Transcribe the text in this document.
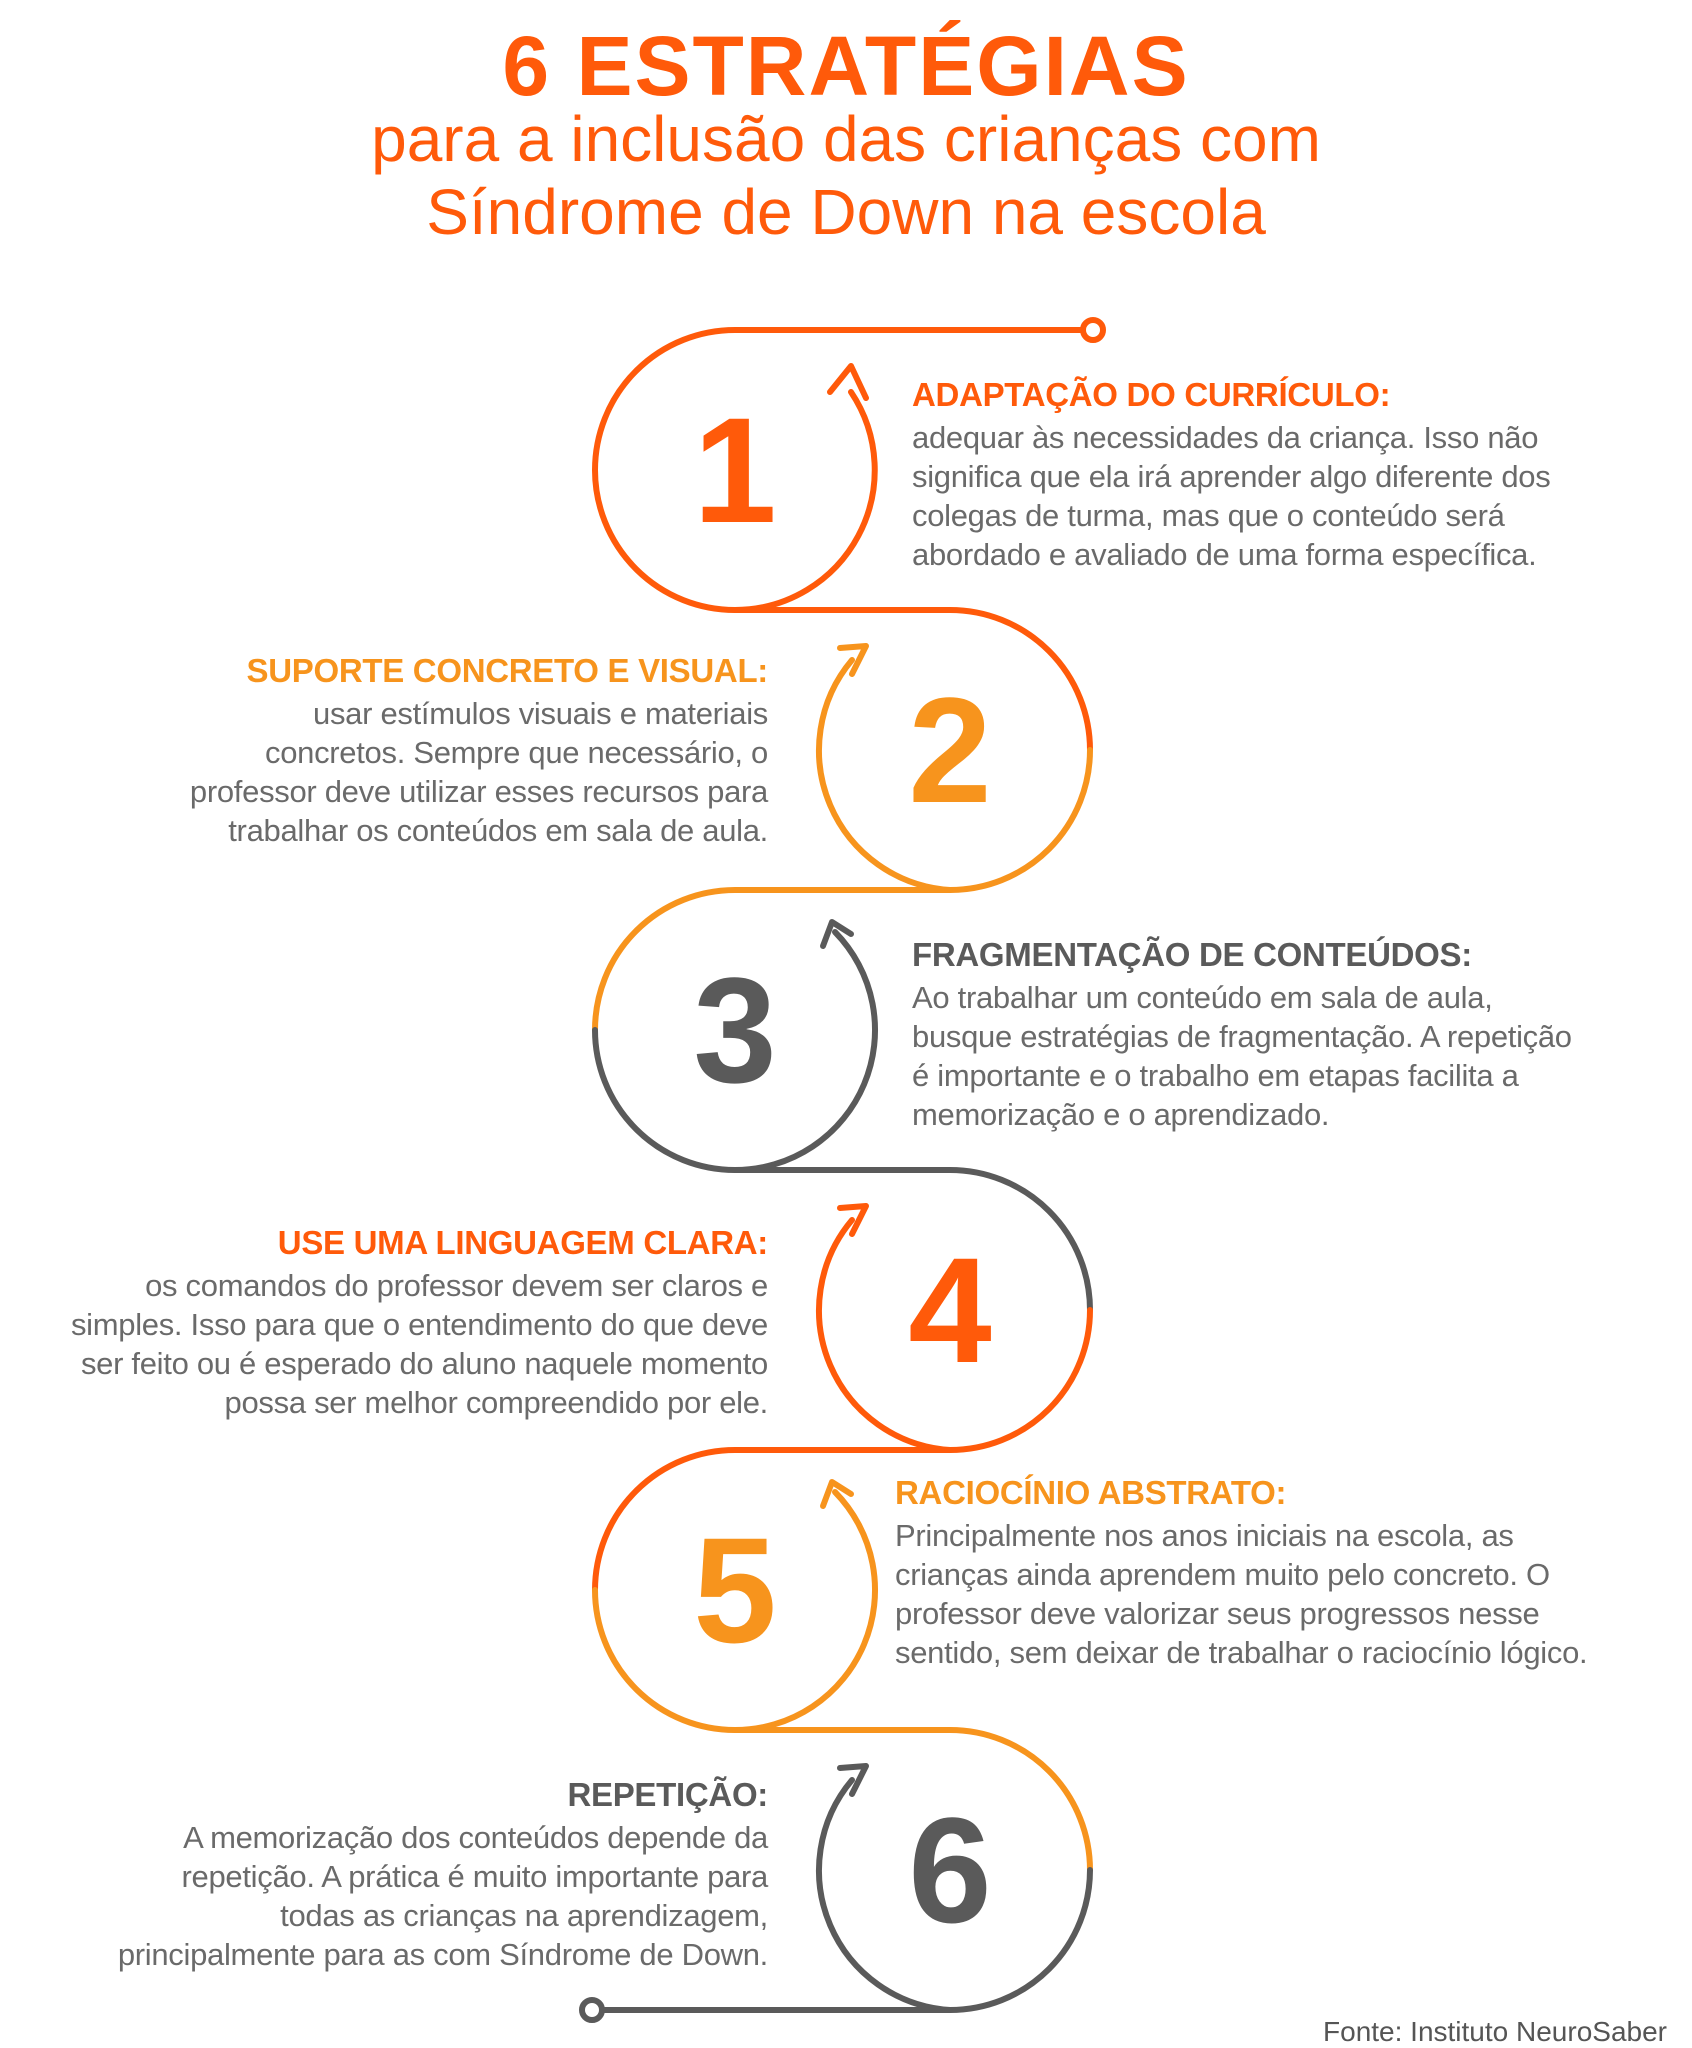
6 ESTRATÉGIAS
para a inclusão das crianças com
Síndrome de Down na escola
1
2
3
4
5
6
ADAPTAÇÃO DO CURRÍCULO:
adequar às necessidades da criança. Isso não
significa que ela irá aprender algo diferente dos
colegas de turma, mas que o conteúdo será
abordado e avaliado de uma forma específica.
SUPORTE CONCRETO E VISUAL:
usar estímulos visuais e materiais
concretos. Sempre que necessário, o
professor deve utilizar esses recursos para
trabalhar os conteúdos em sala de aula.
FRAGMENTAÇÃO DE CONTEÚDOS:
Ao trabalhar um conteúdo em sala de aula,
busque estratégias de fragmentação. A repetição
é importante e o trabalho em etapas facilita a
memorização e o aprendizado.
USE UMA LINGUAGEM CLARA:
os comandos do professor devem ser claros e
simples. Isso para que o entendimento do que deve
ser feito ou é esperado do aluno naquele momento
possa ser melhor compreendido por ele.
RACIOCÍNIO ABSTRATO:
Principalmente nos anos iniciais na escola, as
crianças ainda aprendem muito pelo concreto. O
professor deve valorizar seus progressos nesse
sentido, sem deixar de trabalhar o raciocínio lógico.
REPETIÇÃO:
A memorização dos conteúdos depende da
repetição. A prática é muito importante para
todas as crianças na aprendizagem,
principalmente para as com Síndrome de Down.
Fonte: Instituto NeuroSaber
